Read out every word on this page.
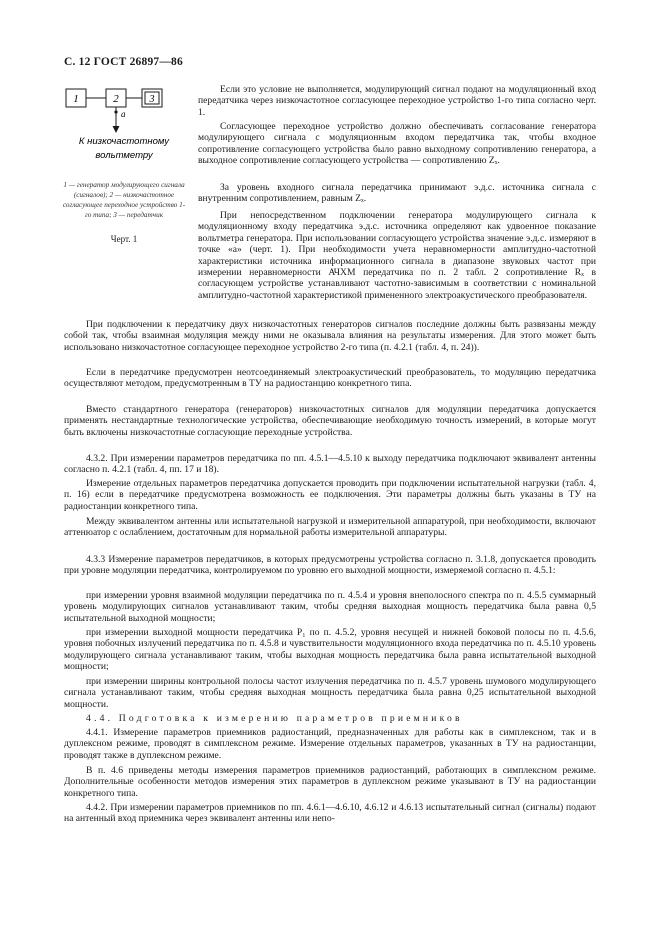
С. 12 ГОСТ 26897—86
1	2	3
а
К низкочастотному
вольтметру
1 — генератор модулирующего сигнала (сигналов); 2 — низкочастотное согласующее переходное устройство 1-го типа; 3 — передатчик
Черт. 1

Если это условие не выполняется, модулирующий сигнал подают на модуляционный вход передатчика через низкочастотное согласующее переходное устройство 1-го типа согласно черт. 1.

Согласующее переходное устройство должно обеспечивать согласование генератора модулирующего сигнала с модуляционным входом передатчика так, чтобы входное сопротивление согласующего устройства было равно выходному сопротивлению генератора, а выходное сопротивление согласующего устройства — сопротивлению Zₓ.

За уровень входного сигнала передатчика принимают э.д.с. источника сигнала с внутренним сопротивлением, равным Zₓ.

При непосредственном подключении генератора модулирующего сигнала к модуляционному входу передатчика э.д.с. источника определяют как удвоенное показание вольтметра генератора. При использовании согласующего устройства значение э.д.с. измеряют в точке «а» (черт. 1). При необходимости учета неравномерности амплитудно-частотной характеристики источника информационного сигнала в диапазоне звуковых частот при измерении неравномерности АЧХМ передатчика по п. 2 табл. 2 сопротивление Rₓ в согласующем устройстве устанавливают частотно-зависимым в соответствии с номинальной амплитудно-частотной характеристикой примененного электроакустического преобразователя.

При подключении к передатчику двух низкочастотных генераторов сигналов последние должны быть развязаны между собой так, чтобы взаимная модуляция между ними не оказывала влияния на результаты измерения. Для этого может быть использовано низкочастотное согласующее переходное устройство 2-го типа (п. 4.2.1 (табл. 4, п. 24)).

Если в передатчике предусмотрен неотсоединяемый электроакустический преобразователь, то модуляцию передатчика осуществляют методом, предусмотренным в ТУ на радиостанцию конкретного типа.

Вместо стандартного генератора (генераторов) низкочастотных сигналов для модуляции передатчика допускается применять нестандартные технологические устройства, обеспечивающие необходимую точность измерений, в которые могут быть включены низкочастотные согласующие переходные устройства.

4.3.2. При измерении параметров передатчика по пп. 4.5.1—4.5.10 к выходу передатчика подключают эквивалент антенны согласно п. 4.2.1 (табл. 4, пп. 17 и 18).

Измерение отдельных параметров передатчика допускается проводить при подключении испытательной нагрузки (табл. 4, п. 16) если в передатчике предусмотрена возможность ее подключения. Эти параметры должны быть указаны в ТУ на радиостанции конкретного типа.

Между эквивалентом антенны или испытательной нагрузкой и измерительной аппаратурой, при необходимости, включают аттенюатор с ослаблением, достаточным для нормальной работы измерительной аппаратуры.

4.3.3 Измерение параметров передатчиков, в которых предусмотрены устройства согласно п. 3.1.8, допускается проводить при уровне модуляции передатчика, контролируемом по уровню его выходной мощности, измеряемой согласно п. 4.5.1:

при измерении уровня взаимной модуляции передатчика по п. 4.5.4 и уровня внеполосного спектра по п. 4.5.5 суммарный уровень модулирующих сигналов устанавливают таким, чтобы средняя выходная мощность передатчика была равна 0,5 испытательной выходной мощности;

при измерении выходной мощности передатчика P₁ по п. 4.5.2, уровня несущей и нижней боковой полосы по п. 4.5.6, уровня побочных излучений передатчика по п. 4.5.8 и чувствительности модуляционного входа передатчика по п. 4.5.10 уровень модулирующего сигнала устанавливают таким, чтобы выходная мощность передатчика была равна испытательной выходной мощности;

при измерении ширины контрольной полосы частот излучения передатчика по п. 4.5.7 уровень шумового модулирующего сигнала устанавливают таким, чтобы средняя выходная мощность передатчика была равна 0,25 испытательной выходной мощности.

4.4. Подготовка к измерению параметров приемников

4.4.1. Измерение параметров приемников радиостанций, предназначенных для работы как в симплексном, так и в дуплексном режиме, проводят в симплексном режиме. Измерение отдельных параметров, указанных в ТУ на радиостанции, проводят также в дуплексном режиме.

В п. 4.6 приведены методы измерения параметров приемников радиостанций, работающих в симплексном режиме. Дополнительные особенности методов измерения этих параметров в дуплексном режиме указывают в ТУ на радиостанции конкретного типа.

4.4.2. При измерении параметров приемников по пп. 4.6.1—4.6.10, 4.6.12 и 4.6.13 испытательный сигнал (сигналы) подают на антенный вход приемника через эквивалент антенны или непо-
